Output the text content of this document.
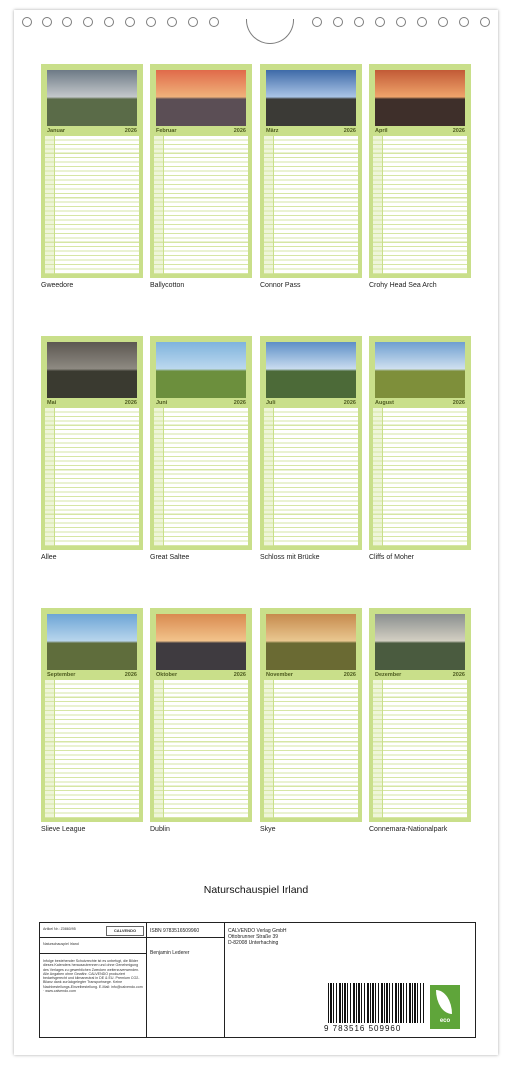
Januar	2026
Gweedore
Februar	2026
Ballycotton
März	2026
Connor Pass
April	2026
Crohy Head Sea Arch
Mai	2026
Allee
Juni	2026
Great Saltee
Juli	2026
Schloss mit Brücke
August	2026
Cliffs of Moher
September	2026
Slieve League
Oktober	2026
Dublin
November	2026
Skye
Dezember	2026
Connemara-Nationalpark
Naturschauspiel Irland
Artikel Nr.: Z0860/95	CALVENDO
Naturschauspiel Irland
Infolge bestehender Schutzrechte ist es unbefugt, die Bilder dieses Kalenders herauszutrennen und ohne Genehmigung des Verlages zu gewerblichen Zwecken weiterzuverwenden. Alle Angaben ohne Gewähr. CALVENDO produziert bedarfsgerecht und klimaneutral in DE & EU. Premium CO2-Bilanz dank zurückgelegter Transportwege. Keine Nachbestellungs-Einzelbestellung. E-Mail: info@calvendo.com · www.calvendo.com
ISBN 9783516509960
Benjamin Lederer
CALVENDO Verlag GmbH
Ottobrunner Straße 39
D-82008 Unterhaching
9 783516 509960
eco
